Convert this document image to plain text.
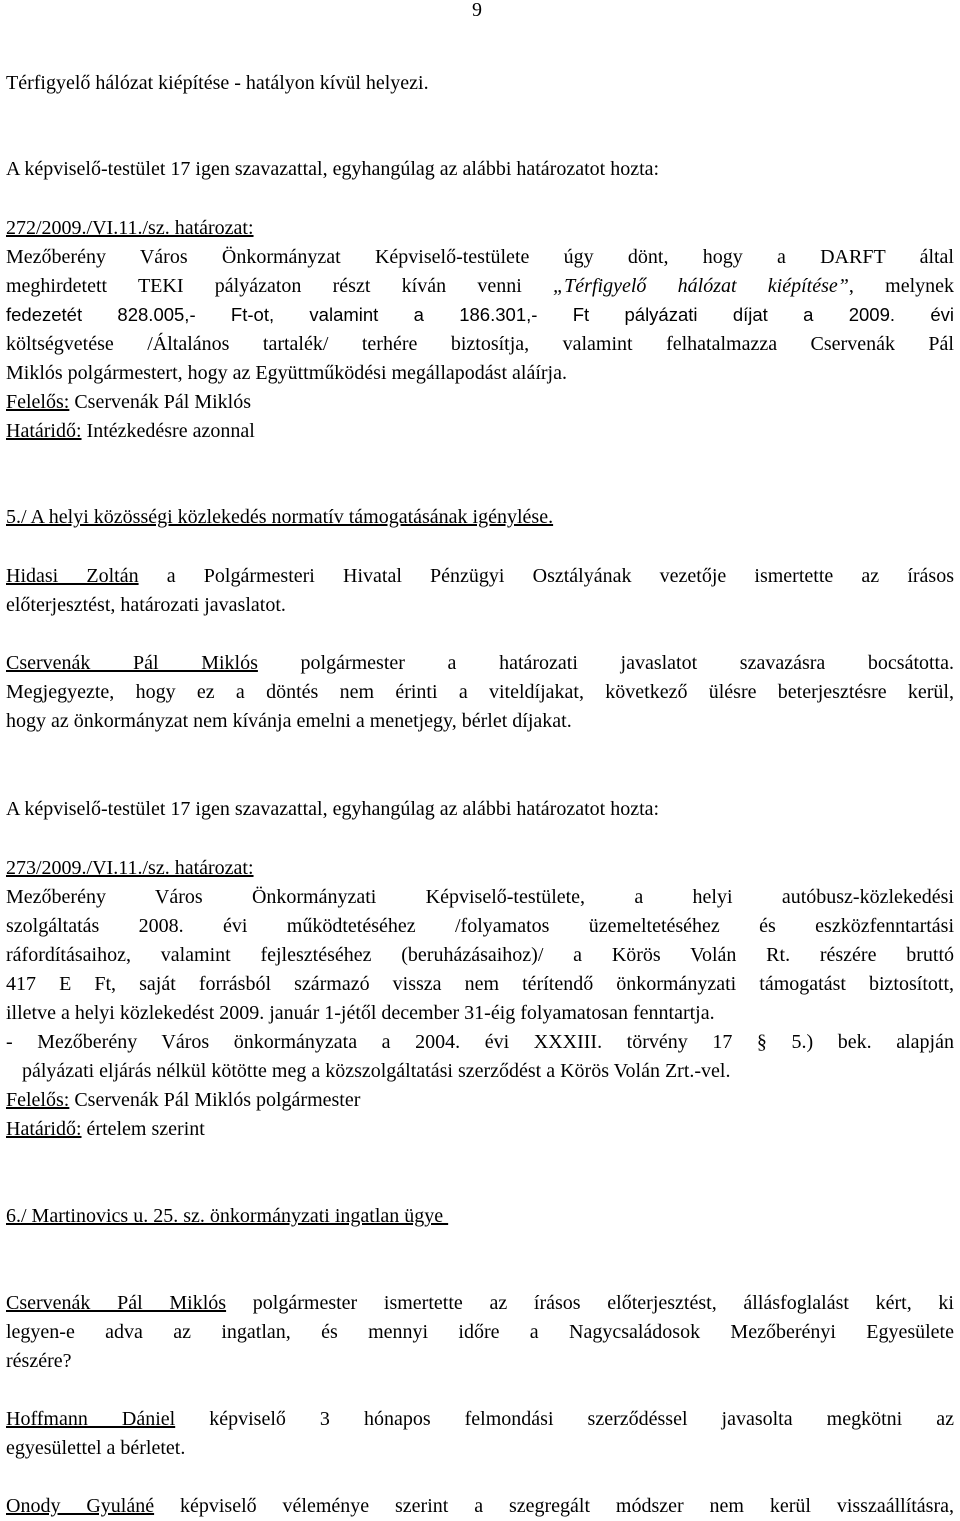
9
Térfigyelő hálózat kiépítése - hatályon kívül helyezi.
A képviselő-testület 17 igen szavazattal, egyhangúlag az alábbi határozatot hozta:
272/2009./VI.11./sz. határozat:
Mezőberény Város Önkormányzat Képviselő-testülete úgy dönt, hogy a DARFT által
meghirdetett TEKI pályázaton részt kíván venni „Térfigyelő hálózat kiépítése”, melynek
fedezetét 828.005,- Ft-ot, valamint a 186.301,- Ft pályázati díjat a 2009. évi
költségvetése /Általános tartalék/ terhére biztosítja, valamint felhatalmazza Cservenák Pál
Miklós polgármestert, hogy az Együttműködési megállapodást aláírja.
Felelős: Cservenák Pál Miklós
Határidő: Intézkedésre azonnal
5./ A helyi közösségi közlekedés normatív támogatásának igénylése.
Hidasi Zoltán a Polgármesteri Hivatal Pénzügyi Osztályának vezetője ismertette az írásos
előterjesztést, határozati javaslatot.
Cservenák Pál Miklós polgármester a határozati javaslatot szavazásra bocsátotta.
Megjegyezte, hogy ez a döntés nem érinti a viteldíjakat, következő ülésre beterjesztésre kerül,
hogy az önkormányzat nem kívánja emelni a menetjegy, bérlet díjakat.
A képviselő-testület 17 igen szavazattal, egyhangúlag az alábbi határozatot hozta:
273/2009./VI.11./sz. határozat:
Mezőberény Város Önkormányzati Képviselő-testülete, a helyi autóbusz-közlekedési
szolgáltatás 2008. évi működtetéséhez /folyamatos üzemeltetéséhez és eszközfenntartási
ráfordításaihoz, valamint fejlesztéséhez (beruházásaihoz)/ a Körös Volán Rt. részére bruttó
417 E Ft, saját forrásból származó vissza nem térítendő önkormányzati támogatást biztosított,
illetve a helyi közlekedést 2009. január 1-jétől december 31-éig folyamatosan fenntartja.
- Mezőberény Város önkormányzata a 2004. évi XXXIII. törvény 17 § 5.) bek. alapján
pályázati eljárás nélkül kötötte meg a közszolgáltatási szerződést a Körös Volán Zrt.-vel.
Felelős: Cservenák Pál Miklós polgármester
Határidő: értelem szerint
6./ Martinovics u. 25. sz. önkormányzati ingatlan ügye
Cservenák Pál Miklós polgármester ismertette az írásos előterjesztést, állásfoglalást kért, ki
legyen-e adva az ingatlan, és mennyi időre a Nagycsaládosok Mezőberényi Egyesülete
részére?
Hoffmann Dániel képviselő 3 hónapos felmondási szerződéssel javasolta megkötni az
egyesülettel a bérletet.
Onody Gyuláné képviselő véleménye szerint a szegregált módszer nem kerül visszaállításra,
